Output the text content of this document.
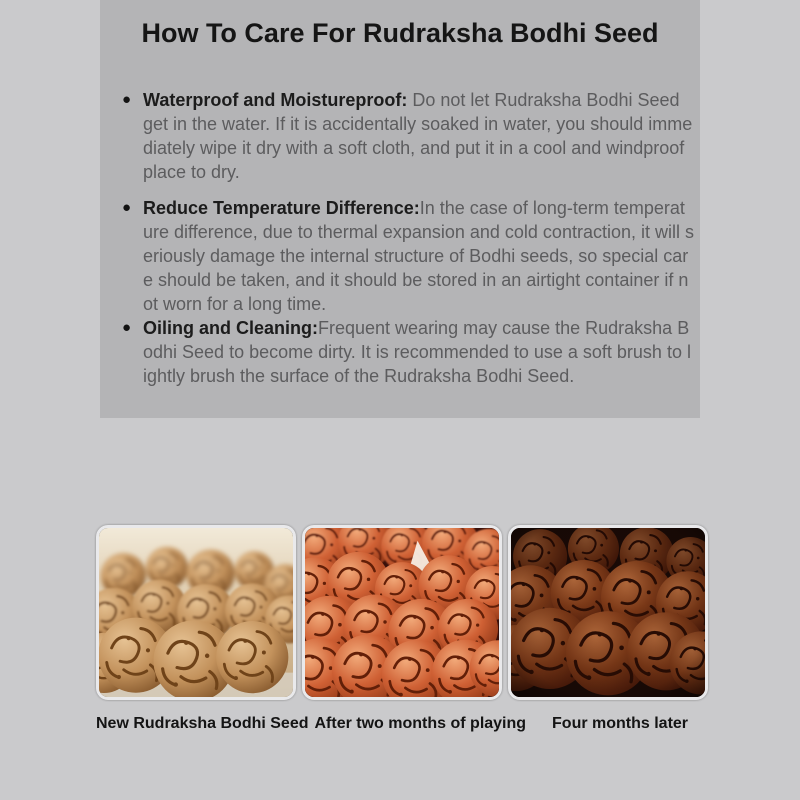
How To Care For Rudraksha Bodhi Seed

● Waterproof and Moistureproof: Do not let Rudraksha Bodhi Seed get in the water. If it is accidentally soaked in water, you should immediately wipe it dry with a soft cloth, and put it in a cool and windproof place to dry.

● Reduce Temperature Difference:In the case of long-term temperature difference, due to thermal expansion and cold contraction, it will seriously damage the internal structure of Bodhi seeds, so special care should be taken, and it should be stored in an airtight container if not worn for a long time.

● Oiling and Cleaning:Frequent wearing may cause the Rudraksha Bodhi Seed to become dirty. It is recommended to use a soft brush to lightly brush the surface of the Rudraksha Bodhi Seed.

New Rudraksha Bodhi Seed After two months of playing	Four months later
